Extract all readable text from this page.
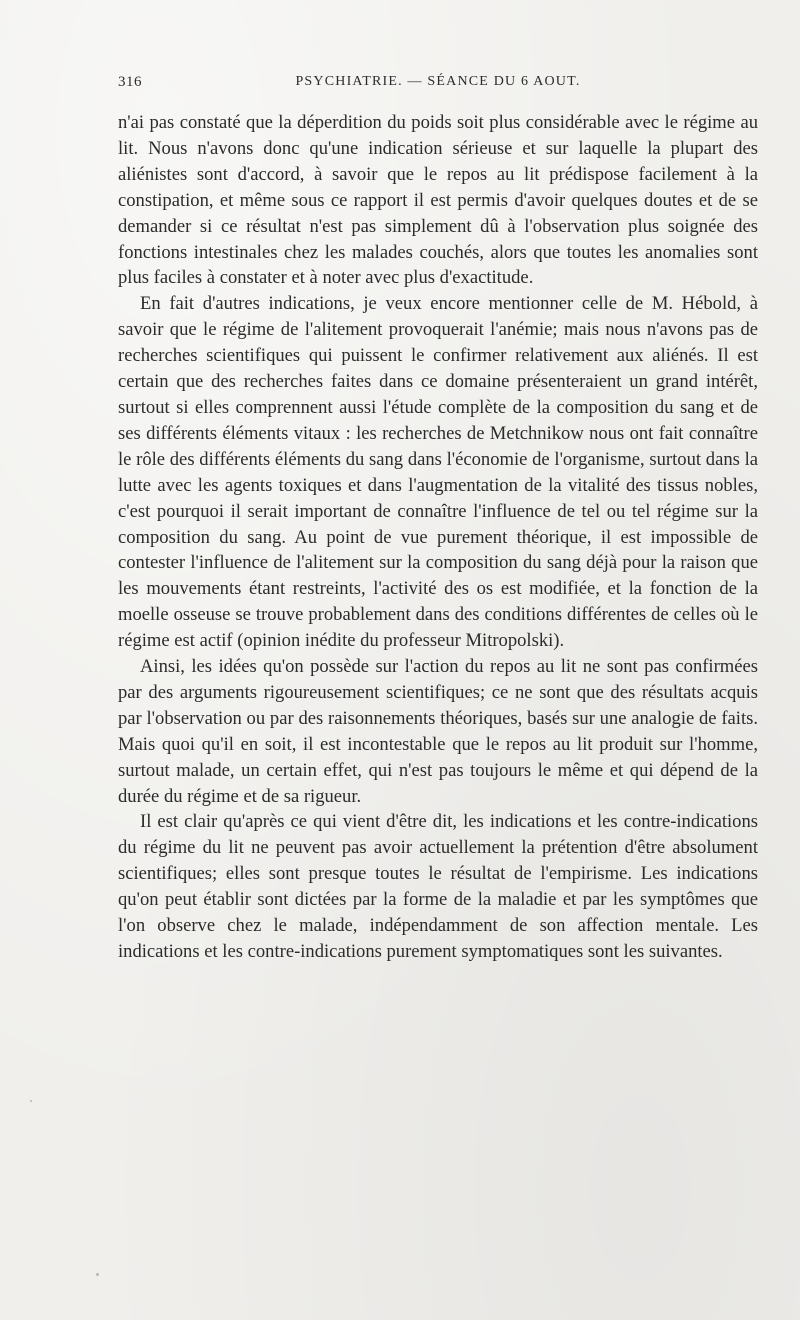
316	PSYCHIATRIE. — SÉANCE DU 6 AOUT.

n'ai pas constaté que la déperdition du poids soit plus considérable avec le régime au lit. Nous n'avons donc qu'une indication sérieuse et sur laquelle la plupart des aliénistes sont d'accord, à savoir que le repos au lit prédispose facilement à la constipation, et même sous ce rapport il est permis d'avoir quelques doutes et de se demander si ce résultat n'est pas simplement dû à l'observation plus soignée des fonctions intestinales chez les malades couchés, alors que toutes les anomalies sont plus faciles à constater et à noter avec plus d'exactitude.

En fait d'autres indications, je veux encore mentionner celle de M. Hébold, à savoir que le régime de l'alitement provoquerait l'anémie; mais nous n'avons pas de recherches scientifiques qui puissent le confirmer relativement aux aliénés. Il est certain que des recherches faites dans ce domaine présenteraient un grand intérêt, surtout si elles comprennent aussi l'étude complète de la composition du sang et de ses différents éléments vitaux : les recherches de Metchnikow nous ont fait connaître le rôle des différents éléments du sang dans l'économie de l'organisme, surtout dans la lutte avec les agents toxiques et dans l'augmentation de la vitalité des tissus nobles, c'est pourquoi il serait important de connaître l'influence de tel ou tel régime sur la composition du sang. Au point de vue purement théorique, il est impossible de contester l'influence de l'alitement sur la composition du sang déjà pour la raison que les mouvements étant restreints, l'activité des os est modifiée, et la fonction de la moelle osseuse se trouve probablement dans des conditions différentes de celles où le régime est actif (opinion inédite du professeur Mitropolski).

Ainsi, les idées qu'on possède sur l'action du repos au lit ne sont pas confirmées par des arguments rigoureusement scientifiques; ce ne sont que des résultats acquis par l'observation ou par des raisonnements théoriques, basés sur une analogie de faits. Mais quoi qu'il en soit, il est incontestable que le repos au lit produit sur l'homme, surtout malade, un certain effet, qui n'est pas toujours le même et qui dépend de la durée du régime et de sa rigueur.

Il est clair qu'après ce qui vient d'être dit, les indications et les contre-indications du régime du lit ne peuvent pas avoir actuellement la prétention d'être absolument scientifiques; elles sont presque toutes le résultat de l'empirisme. Les indications qu'on peut établir sont dictées par la forme de la maladie et par les symptômes que l'on observe chez le malade, indépendamment de son affection mentale. Les indications et les contre-indications purement symptomatiques sont les suivantes.
